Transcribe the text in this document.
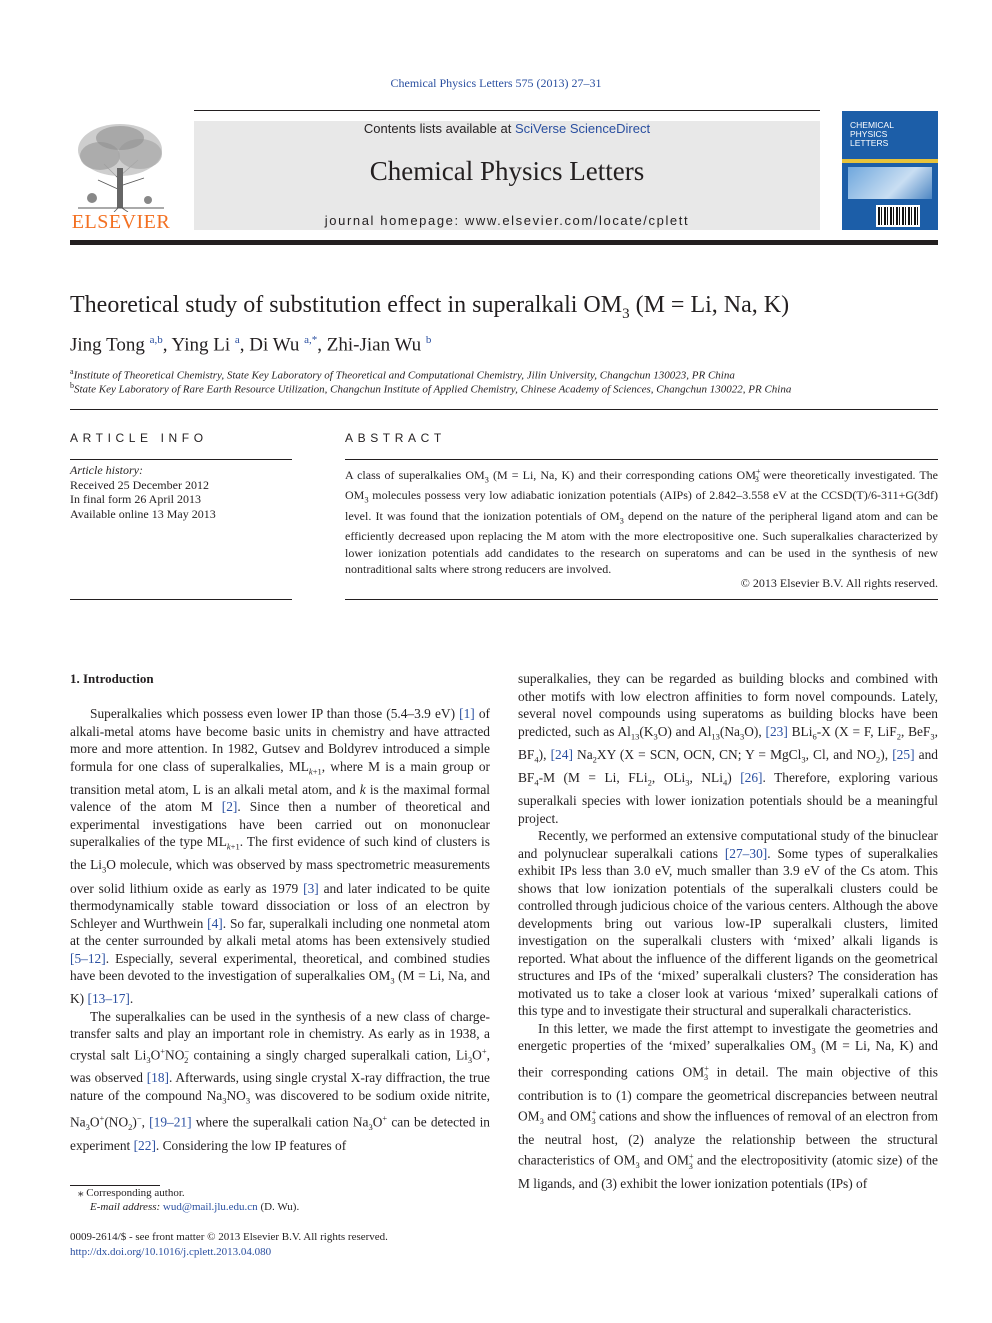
Chemical Physics Letters 575 (2013) 27–31
ELSEVIER
Contents lists available at SciVerse ScienceDirect
Chemical Physics Letters
journal homepage: www.elsevier.com/locate/cplett
CHEMICAL
PHYSICS
LETTERS
Theoretical study of substitution effect in superalkali $OM_3$ (M = Li, Na, K)
Jing Tong $^{a,b}$, Ying Li $^a$, Di Wu $^{a,*}$, Zhi-Jian Wu $^b$
$^a$Institute of Theoretical Chemistry, State Key Laboratory of Theoretical and Computational Chemistry, Jilin University, Changchun 130023, PR China
$^b$State Key Laboratory of Rare Earth Resource Utilization, Changchun Institute of Applied Chemistry, Chinese Academy of Sciences, Changchun 130022, PR China
ARTICLE INFO
Article history:
Received 25 December 2012
In final form 26 April 2013
Available online 13 May 2013
ABSTRACT
A class of superalkalies $OM_3$ (M = Li, Na, K) and their corresponding cations $OM^+_3$ were theoretically investigated. The $OM_3$ molecules possess very low adiabatic ionization potentials (AIPs) of 2.842–3.558 eV at the CCSD(T)/6-311+G(3df) level. It was found that the ionization potentials of $OM_3$ depend on the nature of the peripheral ligand atom and can be efficiently decreased upon replacing the M atom with the more electropositive one. Such superalkalies characterized by lower ionization potentials add candidates to the research on superatoms and can be used in the synthesis of new nontraditional salts where strong reducers are involved.
© 2013 Elsevier B.V. All rights reserved.
1. Introduction

Superalkalies which possess even lower IP than those (5.4–3.9 eV) [1] of alkali-metal atoms have become basic units in chemistry and have attracted more and more attention. In 1982, Gutsev and Boldyrev introduced a simple formula for one class of superalkalies, $ML_{k+1}$, where M is a main group or transition metal atom, L is an alkali metal atom, and k is the maximal formal valence of the atom M [2]. Since then a number of theoretical and experimental investigations have been carried out on mononuclear superalkalies of the type $ML_{k+1}$. The first evidence of such kind of clusters is the $Li_3O$ molecule, which was observed by mass spectrometric measurements over solid lithium oxide as early as 1979 [3] and later indicated to be quite thermodynamically stable toward dissociation or loss of an electron by Schleyer and Wurthwein [4]. So far, superalkali including one nonmetal atom at the center surrounded by alkali metal atoms has been extensively studied [5–12]. Especially, several experimental, theoretical, and combined studies have been devoted to the investigation of superalkalies $OM_3$ (M = Li, Na, and K) [13–17].

The superalkalies can be used in the synthesis of a new class of charge-transfer salts and play an important role in chemistry. As early as in 1938, a crystal salt $Li_3O^+NO^-_2$ containing a singly charged superalkali cation, $Li_3O^+$, was observed [18]. Afterwards, using single crystal X-ray diffraction, the true nature of the compound $Na_3NO_3$ was discovered to be sodium oxide nitrite, $Na_3O^+(NO_2)^-$, [19–21] where the superalkali cation $Na_3O^+$ can be detected in experiment [22]. Considering the low IP features of

superalkalies, they can be regarded as building blocks and combined with other motifs with low electron affinities to form novel compounds. Lately, several novel compounds using superatoms as building blocks have been predicted, such as $Al_{13}(K_3O)$ and $Al_{13}(Na_3O)$, [23] BLi$_6$-X (X = F, LiF$_2$, BeF$_3$, $BF_4$), [24] $Na_2XY$ (X = SCN, OCN, CN; Y = MgCl$_3$, Cl, and $NO_2$), [25] and $BF_4-M$ (M = Li, FLi$_2$, OLi$_3$, NLi$_4$) [26]. Therefore, exploring various superalkali species with lower ionization potentials should be a meaningful project.

Recently, we performed an extensive computational study of the binuclear and polynuclear superalkali cations [27–30]. Some types of superalkalies exhibit IPs less than 3.0 eV, much smaller than 3.9 eV of the Cs atom. This shows that low ionization potentials of the superalkali clusters could be controlled through judicious choice of the various centers. Although the above developments bring out various low-IP superalkali clusters, limited investigation on the superalkali clusters with ‘mixed’ alkali ligands is reported. What about the influence of the different ligands on the geometrical structures and IPs of the ‘mixed’ superalkali clusters? The consideration has motivated us to take a closer look at various ‘mixed’ superalkali cations of this type and to investigate their structural and superalkali characteristics.

In this letter, we made the first attempt to investigate the geometries and energetic properties of the ‘mixed’ superalkalies $OM_3$ (M = Li, Na, K) and their corresponding cations $OM^+_3$ in detail. The main objective of this contribution is to (1) compare the geometrical discrepancies between neutral $OM_3$ and $OM^+_3$ cations and show the influences of removal of an electron from the neutral host, (2) analyze the relationship between the structural characteristics of $OM_3$ and $OM^+_3$ and the electropositivity (atomic size) of the M ligands, and (3) exhibit the lower ionization potentials (IPs) of

⁎ Corresponding author.
E-mail address: wud@mail.jlu.edu.cn (D. Wu).
0009-2614/$ - see front matter © 2013 Elsevier B.V. All rights reserved.
http://dx.doi.org/10.1016/j.cplett.2013.04.080
